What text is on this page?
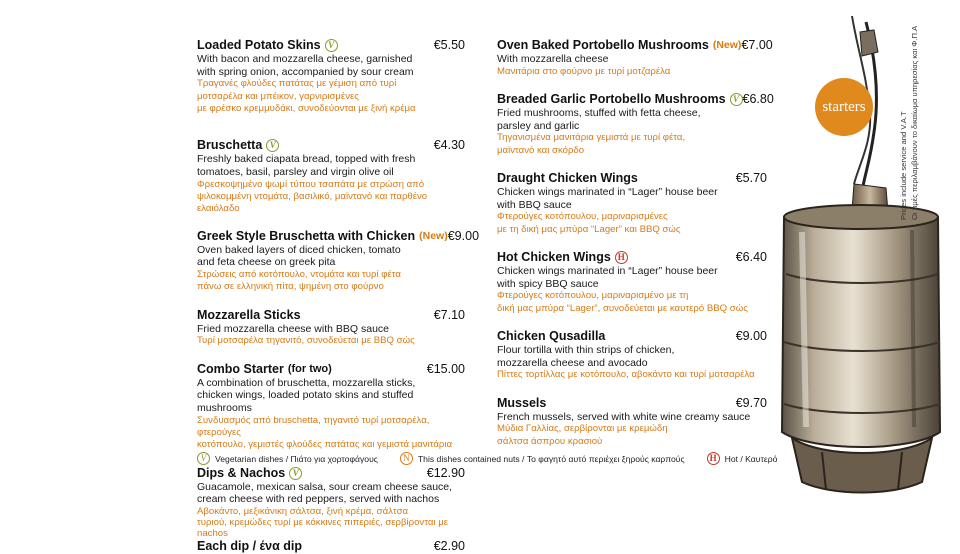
starters
Prices include service and V.A.T Οι τιμές περιλαμβάνουν το δικαίωμα υπηρεσίας και Φ.Π.Α
Loaded Potato Skins V	€5.50
With bacon and mozzarella cheese, garnished
with spring onion, accompanied by sour cream
Τραγανές φλούδες πατάτας με γέμιση από τυρί
μοτσαρέλα και μπέικον, γαρνιρισμένες
με φρέσκο κρεμμυδάκι, συνοδεύονται με ξινή κρέμα
Bruschetta V	€4.30
Freshly baked ciapata bread, topped with fresh
tomatoes, basil, parsley and virgin olive oil
Φρεσκοψημένο ψωμί τύπου τσαπάτα με στρώση από
ψιλοκομμένη ντομάτα, βασιλικό, μαϊντανό και παρθένο ελαιόλαδο
Greek Style Bruschetta with Chicken (New) €9.00
Oven baked layers of diced chicken, tomato
and feta cheese on greek pita
Στρώσεις από κοτόπουλο, ντομάτα και τυρί φέτα
πάνω σε ελληνική πίτα, ψημένη στο φούρνο
Mozzarella Sticks	€7.10
Fried mozzarella cheese with BBQ sauce
Τυρί μοτσαρέλα τηγανιτό, συνοδεύεται με BBQ σώς
Combo Starter (for two)	€15.00
A combination of bruschetta, mozzarella sticks,
chicken wings, loaded potato skins and stuffed mushrooms
Συνδυασμός από bruschetta, τηγανιτό τυρί μοτσαρέλα, φτερούγες
κοτόπουλο, γεμιστές φλούδες πατάτας και γεμιστά μανιτάρια
Dips & Nachos V	€12.90
Guacamole, mexican salsa, sour cream cheese sauce,
cream cheese with red peppers, served with nachos
Αβοκάντο, μεξικάνικη σάλτσα, ξινή κρέμα, σάλτσα
τυριού, κρεμώδες τυρί με κόκκινες πιπεριές, σερβίρονται με nachos
Each dip / ένα dip	€2.90
Oven Baked Portobello Mushrooms (New) €7.00
With mozzarella cheese
Μανιτάρια στο φούρνο με τυρί μοτζαρέλα
Breaded Garlic Portobello Mushrooms V €6.80
Fried mushrooms, stuffed with fetta cheese,
parsley and garlic
Τηγανισμένα μανιτάρια γεμιστά με τυρί φέτα,
μαϊντανό και σκόρδο
Draught Chicken Wings	€5.70
Chicken wings marinated in “Lager” house beer
with BBQ sauce
Φτερούγες κοτόπουλου, μαριναρισμένες
με τη δική μας μπύρα “Lager” και BBQ σώς
Hot Chicken Wings H	€6.40
Chicken wings marinated in “Lager” house beer
with spicy BBQ sauce
Φτερούγες κοτόπουλου, μαριναρισμένο με τη
δική μας μπύρα “Lager”, συνοδεύεται με καυτερό BBQ σώς
Chicken Qusadilla	€9.00
Flour tortilla with thin strips of chicken,
mozzarella cheese and avocado
Πίττες τορτίλλας με κοτόπουλο, αβοκάντο και τυρί μοτσαρέλα
Mussels	€9.70
French mussels, served with white wine creamy sauce
Μύδια Γαλλίας, σερβίρονται με κρεμώδη
σάλτσα άσπρου κρασιού
V	Vegetarian dishes / Πιάτο για χορτοφάγους	N This dishes contained nuts / Το φαγητό αυτό περιέχει ξηρούς καρπούς	H Hot / Καυτερό
